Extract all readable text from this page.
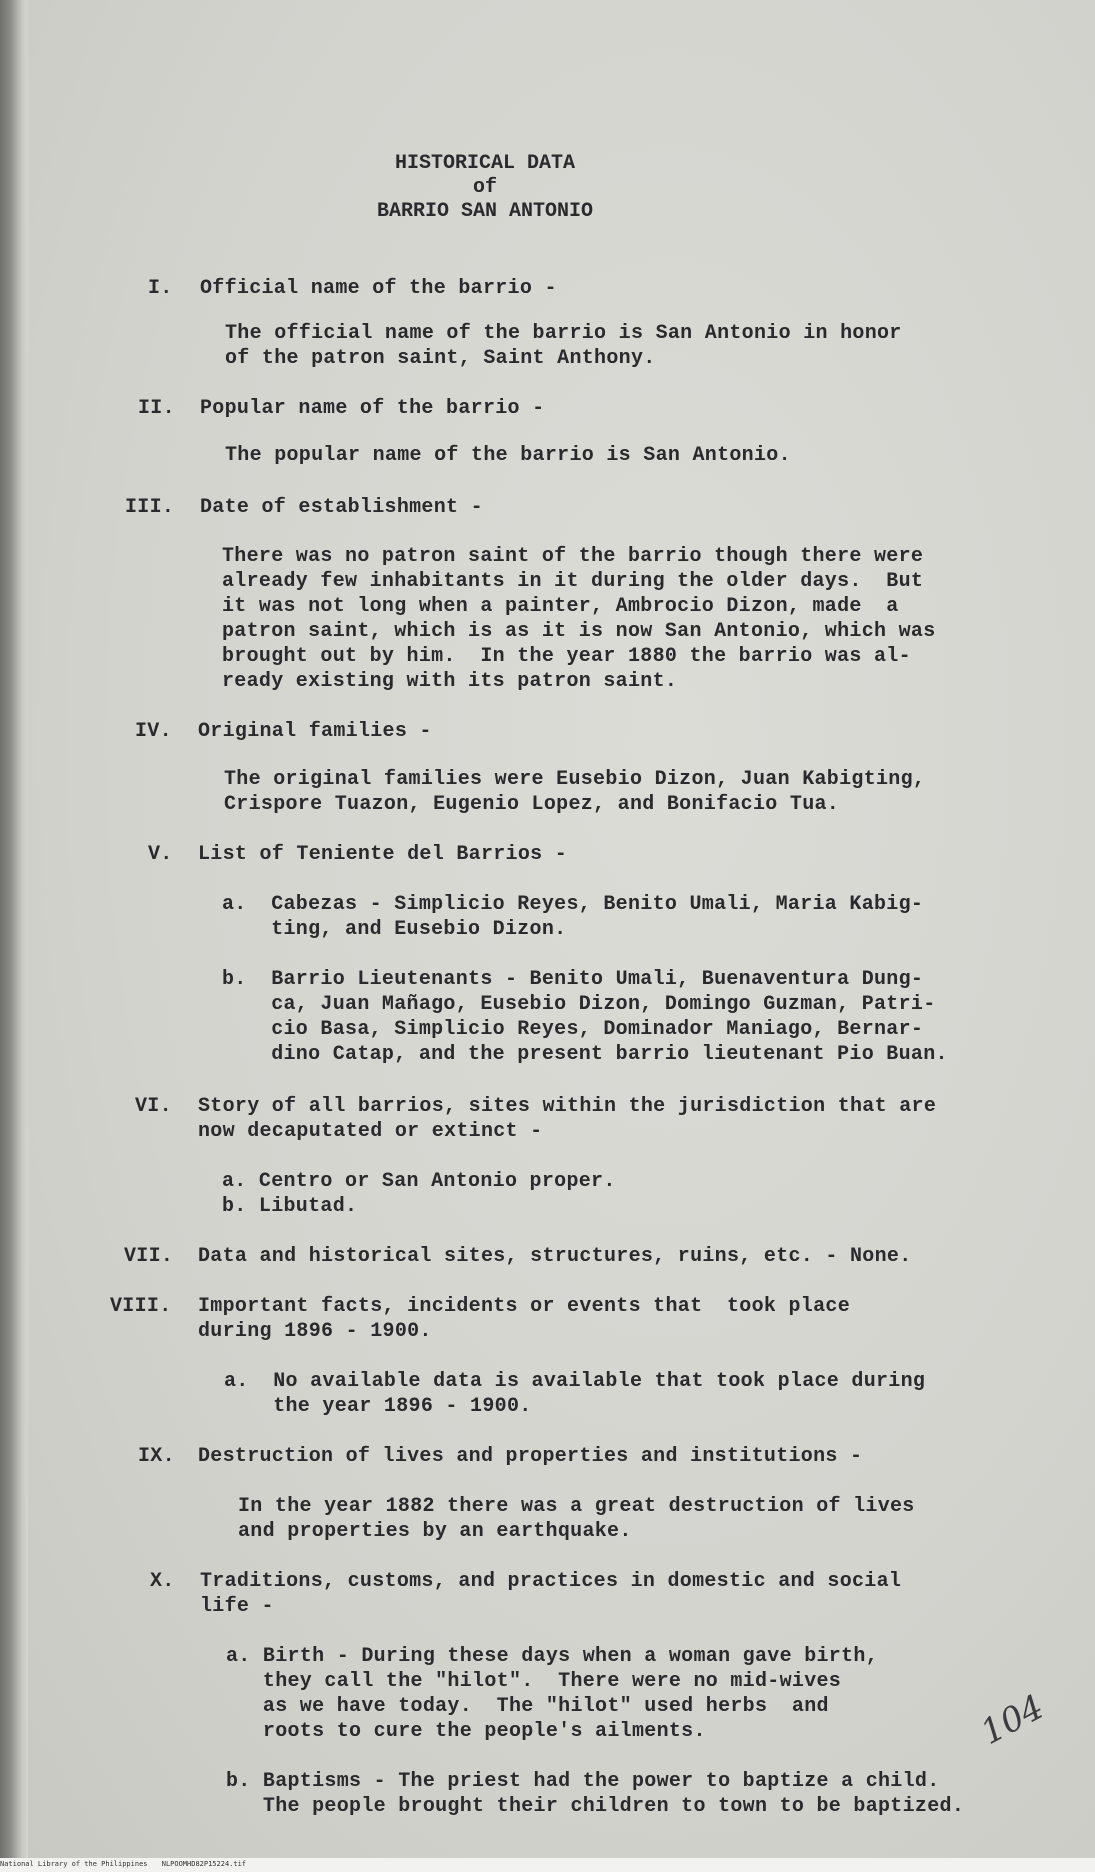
HISTORICAL DATA
of
BARRIO SAN ANTONIO
I. Official name of the barrio -
The official name of the barrio is San Antonio in honor
of the patron saint, Saint Anthony.
II. Popular name of the barrio -
The popular name of the barrio is San Antonio.
III. Date of establishment -
There was no patron saint of the barrio though there were
already few inhabitants in it during the older days.  But
it was not long when a painter, Ambrocio Dizon, made  a
patron saint, which is as it is now San Antonio, which was
brought out by him.  In the year 1880 the barrio was al-
ready existing with its patron saint.
IV. Original families -
The original families were Eusebio Dizon, Juan Kabigting,
Crispore Tuazon, Eugenio Lopez, and Bonifacio Tua.
V. List of Teniente del Barrios -
a.  Cabezas - Simplicio Reyes, Benito Umali, Maria Kabig-
ting, and Eusebio Dizon.
b.  Barrio Lieutenants - Benito Umali, Buenaventura Dung-
ca, Juan Mañago, Eusebio Dizon, Domingo Guzman, Patri-
cio Basa, Simplicio Reyes, Dominador Maniago, Bernar-
dino Catap, and the present barrio lieutenant Pio Buan.
VI. Story of all barrios, sites within the jurisdiction that are
now decaputated or extinct -
a. Centro or San Antonio proper.
b. Libutad.
VII. Data and historical sites, structures, ruins, etc. - None.
VIII. Important facts, incidents or events that  took place
during 1896 - 1900.
a.  No available data is available that took place during
the year 1896 - 1900.
IX. Destruction of lives and properties and institutions -
In the year 1882 there was a great destruction of lives
and properties by an earthquake.
X. Traditions, customs, and practices in domestic and social
life -
a. Birth - During these days when a woman gave birth,
they call the "hilot".  There were no mid-wives
as we have today.  The "hilot" used herbs  and
roots to cure the people's ailments.
b. Baptisms - The priest had the power to baptize a child.
The people brought their children to town to be baptized.
104
National Library of the Philippines NLPOOMHD82P15224.tif
